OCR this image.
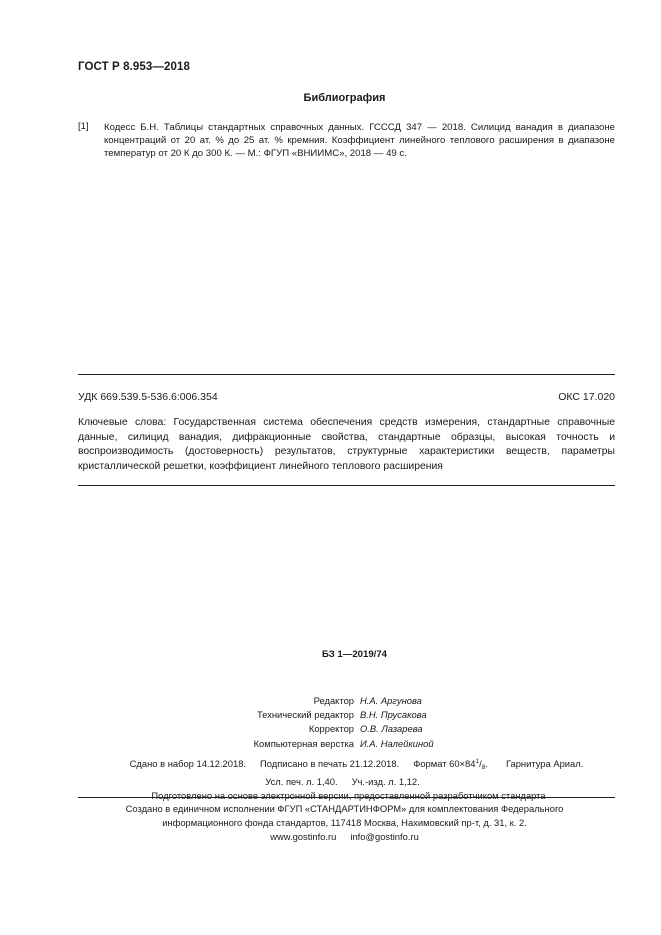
ГОСТ Р 8.953—2018
Библиография
[1] Кодесс Б.Н. Таблицы стандартных справочных данных. ГСССД 347 — 2018. Силицид ванадия в диапазоне концентраций от 20 ат. % до 25 ат. % кремния. Коэффициент линейного теплового расширения в диапазоне температур от 20 К до 300 К. — М.: ФГУП «ВНИИМС», 2018 — 49 с.
УДК 669.539.5-536.6:006.354	ОКС 17.020
Ключевые слова: Государственная система обеспечения средств измерения, стандартные справочные данные, силицид ванадия, дифракционные свойства, стандартные образцы, высокая точность и воспроизводимость (достоверность) результатов, структурные характеристики веществ, параметры кристаллической решетки, коэффициент линейного теплового расширения
БЗ 1—2019/74
Редактор Н.А. Аргунова
Технический редактор В.Н. Прусакова
Корректор О.В. Лазарева
Компьютерная верстка И.А. Налейкиной
Сдано в набор 14.12.2018. Подписано в печать 21.12.2018. Формат $60\times 84^1/_8$. Гарнитура Ариал.
Усл. печ. л. 1,40. Уч.-изд. л. 1,12.
Подготовлено на основе электронной версии, предоставленной разработчиком стандарта
Создано в единичном исполнении ФГУП «СТАНДАРТИНФОРМ» для комплектования Федерального
информационного фонда стандартов, 117418 Москва, Нахимовский пр-т, д. 31, к. 2.
www.gostinfo.ru info@gostinfo.ru
